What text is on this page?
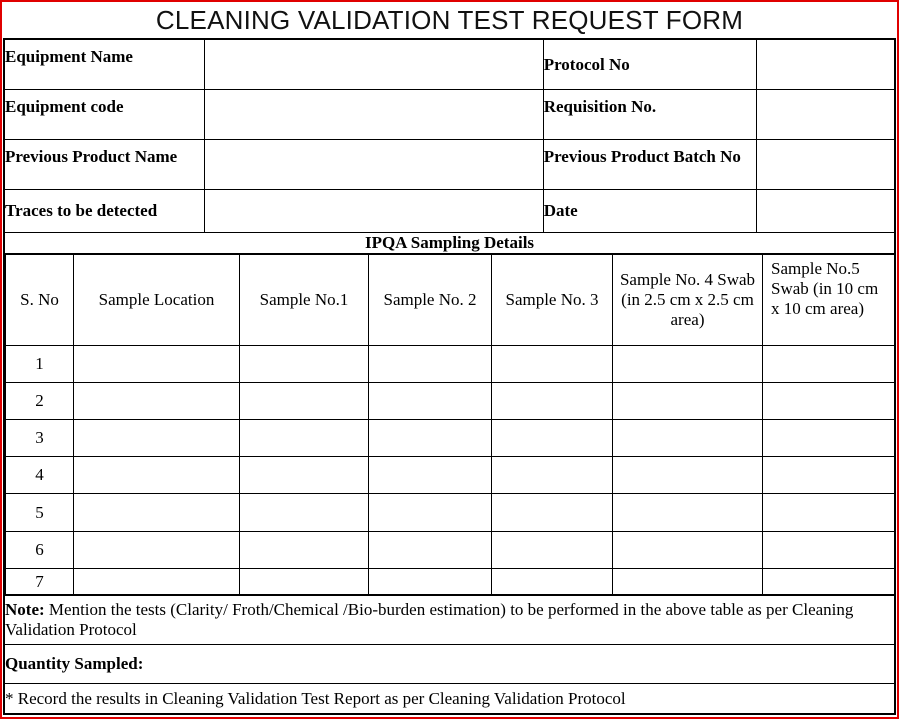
CLEANING VALIDATION TEST REQUEST FORM
Equipment Name		Protocol No	
Equipment code		Requisition No.	
Previous Product Name		Previous Product Batch No	
Traces to be detected		Date	
IPQA Sampling Details

S. No	Sample Location	Sample No.1	Sample No. 2	Sample No. 3	Sample No. 4 Swab (in 2.5 cm x 2.5 cm area)	Sample No.5 Swab (in 10 cm x 10 cm area)
1						
2						
3						
4						
5						
6						
7						

Note: Mention the tests (Clarity/ Froth/Chemical /Bio-burden estimation) to be performed in the above table as per Cleaning Validation Protocol
Quantity Sampled:
* Record the results in Cleaning Validation Test Report as per Cleaning Validation Protocol
